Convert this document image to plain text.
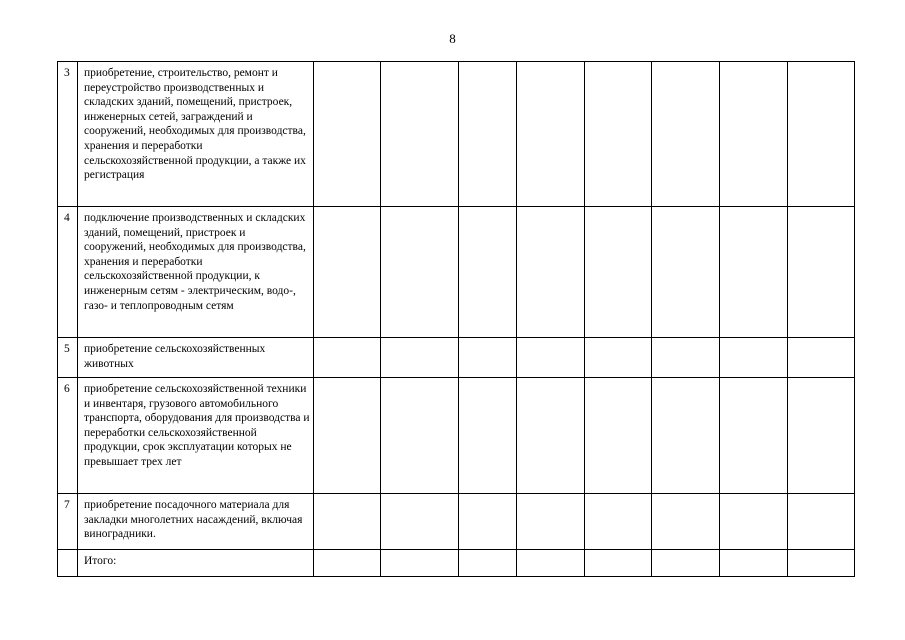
8
3	приобретение, строительство, ремонт и переустройство производственных и складских зданий, помещений, пристроек, инженерных сетей, заграждений и сооружений, необходимых для производства, хранения и переработки сельскохозяйственной продукции, а также их регистрация								
4	подключение производственных и складских зданий, помещений, пристроек и сооружений, необходимых для производства, хранения и переработки сельскохозяйственной продукции, к инженерным сетям - электрическим, водо-, газо- и теплопроводным сетям								
5	приобретение сельскохозяйственных животных								
6	приобретение сельскохозяйственной техники и инвентаря, грузового автомобильного транспорта, оборудования для производства и переработки сельскохозяйственной продукции, срок эксплуатации которых не превышает трех лет								
7	приобретение посадочного материала для закладки многолетних насаждений, включая виноградники.								
	Итого:								
